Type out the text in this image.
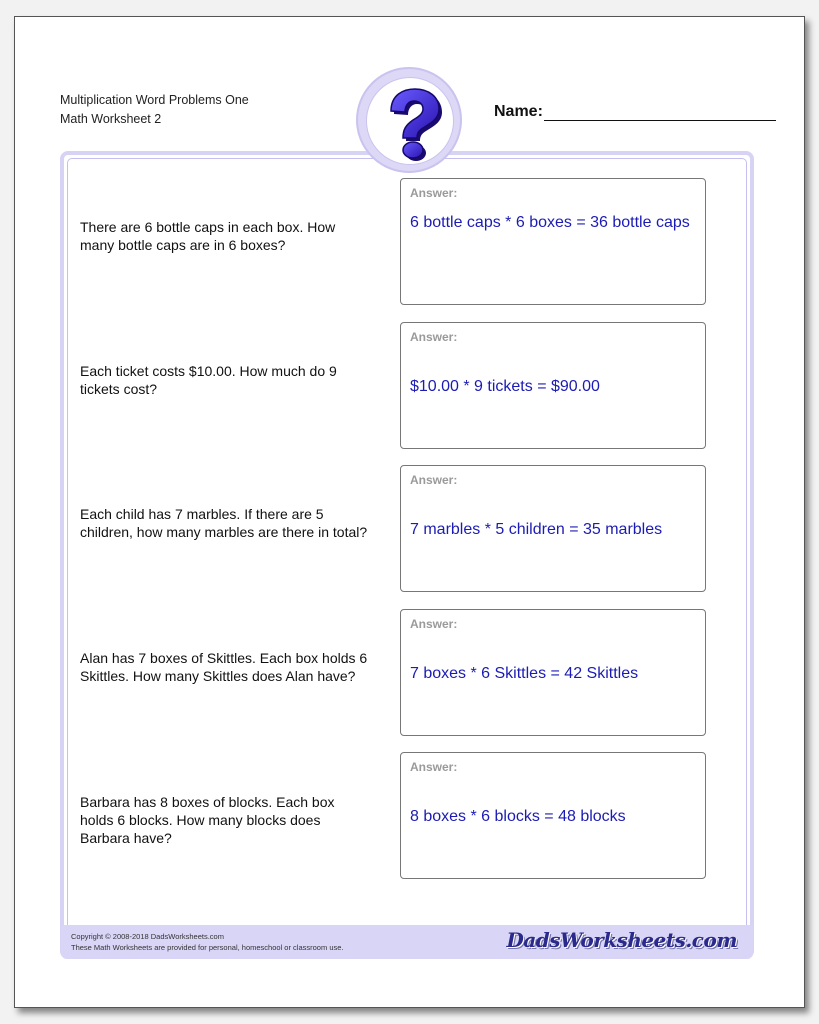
Multiplication Word Problems One
Math Worksheet 2	Name:
There are 6 bottle caps in each box. How many bottle caps are in 6 boxes?
Answer:
6 bottle caps * 6 boxes = 36 bottle caps
Each ticket costs $10.00. How much do 9 tickets cost?
Answer:
$10.00 * 9 tickets = $90.00
Each child has 7 marbles. If there are 5 children, how many marbles are there in total?
Answer:
7 marbles * 5 children = 35 marbles
Alan has 7 boxes of Skittles. Each box holds 6 Skittles. How many Skittles does Alan have?
Answer:
7 boxes * 6 Skittles = 42 Skittles
Barbara has 8 boxes of blocks. Each box holds 6 blocks. How many blocks does Barbara have?
Answer:
8 boxes * 6 blocks = 48 blocks
Copyright © 2008-2018 DadsWorksheets.com
These Math Worksheets are provided for personal, homeschool or classroom use.	DadsWorksheets.com
